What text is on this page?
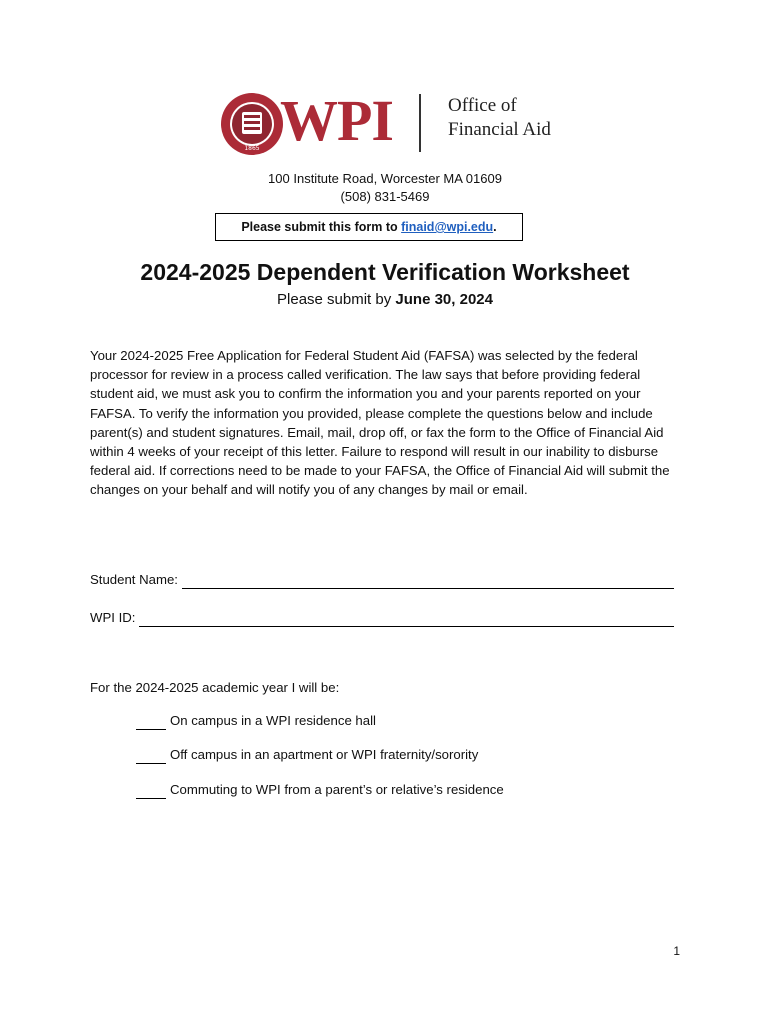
1865 WPI	Office of
Financial Aid
100 Institute Road, Worcester MA 01609
(508) 831-5469
Please submit this form to finaid@wpi.edu.
2024-2025 Dependent Verification Worksheet
Please submit by June 30, 2024
Your 2024-2025 Free Application for Federal Student Aid (FAFSA) was selected by the federal processor for review in a process called verification. The law says that before providing federal student aid, we must ask you to confirm the information you and your parents reported on your FAFSA. To verify the information you provided, please complete the questions below and include parent(s) and student signatures. Email, mail, drop off, or fax the form to the Office of Financial Aid within 4 weeks of your receipt of this letter. Failure to respond will result in our inability to disburse federal aid. If corrections need to be made to your FAFSA, the Office of Financial Aid will submit the changes on your behalf and will notify you of any changes by mail or email.
Student Name:
WPI ID:
For the 2024-2025 academic year I will be:
On campus in a WPI residence hall
Off campus in an apartment or WPI fraternity/sorority
Commuting to WPI from a parent’s or relative’s residence
1
